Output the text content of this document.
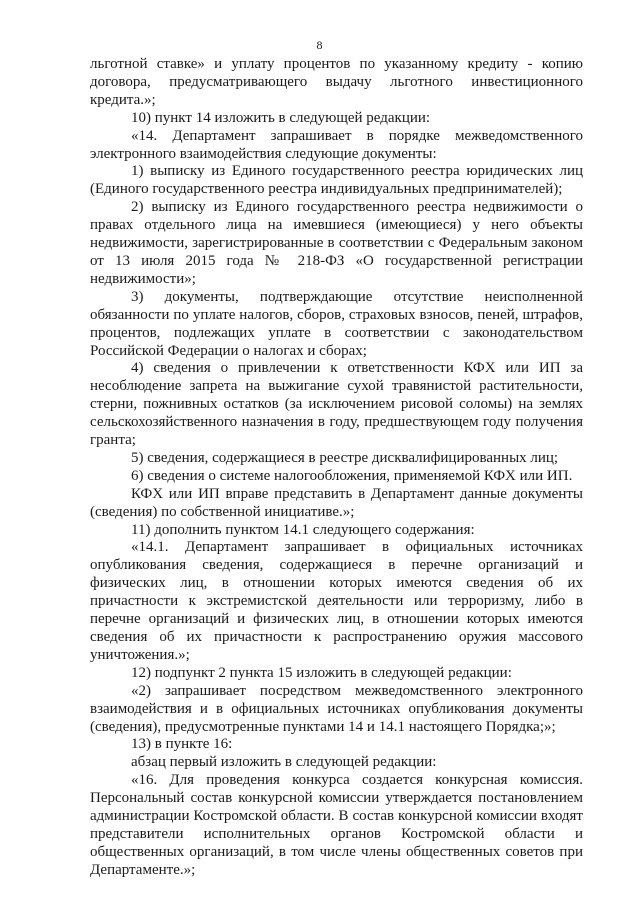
8

льготной ставке» и уплату процентов по указанному кредиту - копию договора, предусматривающего выдачу льготного инвестиционного кредита.»;

10) пункт 14 изложить в следующей редакции:

«14. Департамент запрашивает в порядке межведомственного электронного взаимодействия следующие документы:

1) выписку из Единого государственного реестра юридических лиц (Единого государственного реестра индивидуальных предпринимателей);

2) выписку из Единого государственного реестра недвижимости о правах отдельного лица на имевшиеся (имеющиеся) у него объекты недвижимости, зарегистрированные в соответствии с Федеральным законом от 13 июля 2015 года № 218-ФЗ «О государственной регистрации недвижимости»;

3) документы, подтверждающие отсутствие неисполненной обязанности по уплате налогов, сборов, страховых взносов, пеней, штрафов, процентов, подлежащих уплате в соответствии с законодательством Российской Федерации о налогах и сборах;

4) сведения о привлечении к ответственности КФХ или ИП за несоблюдение запрета на выжигание сухой травянистой растительности, стерни, пожнивных остатков (за исключением рисовой соломы) на землях сельскохозяйственного назначения в году, предшествующем году получения гранта;

5) сведения, содержащиеся в реестре дисквалифицированных лиц;

6) сведения о системе налогообложения, применяемой КФХ или ИП.

КФХ или ИП вправе представить в Департамент данные документы (сведения) по собственной инициативе.»;

11) дополнить пунктом 14.1 следующего содержания:

«14.1. Департамент запрашивает в официальных источниках опубликования сведения, содержащиеся в перечне организаций и физических лиц, в отношении которых имеются сведения об их причастности к экстремистской деятельности или терроризму, либо в перечне организаций и физических лиц, в отношении которых имеются сведения об их причастности к распространению оружия массового уничтожения.»;

12) подпункт 2 пункта 15 изложить в следующей редакции:

«2) запрашивает посредством межведомственного электронного взаимодействия и в официальных источниках опубликования документы (сведения), предусмотренные пунктами 14 и 14.1 настоящего Порядка;»;

13) в пункте 16:

абзац первый изложить в следующей редакции:

«16. Для проведения конкурса создается конкурсная комиссия. Персональный состав конкурсной комиссии утверждается постановлением администрации Костромской области. В состав конкурсной комиссии входят представители исполнительных органов Костромской области и общественных организаций, в том числе члены общественных советов при Департаменте.»;
